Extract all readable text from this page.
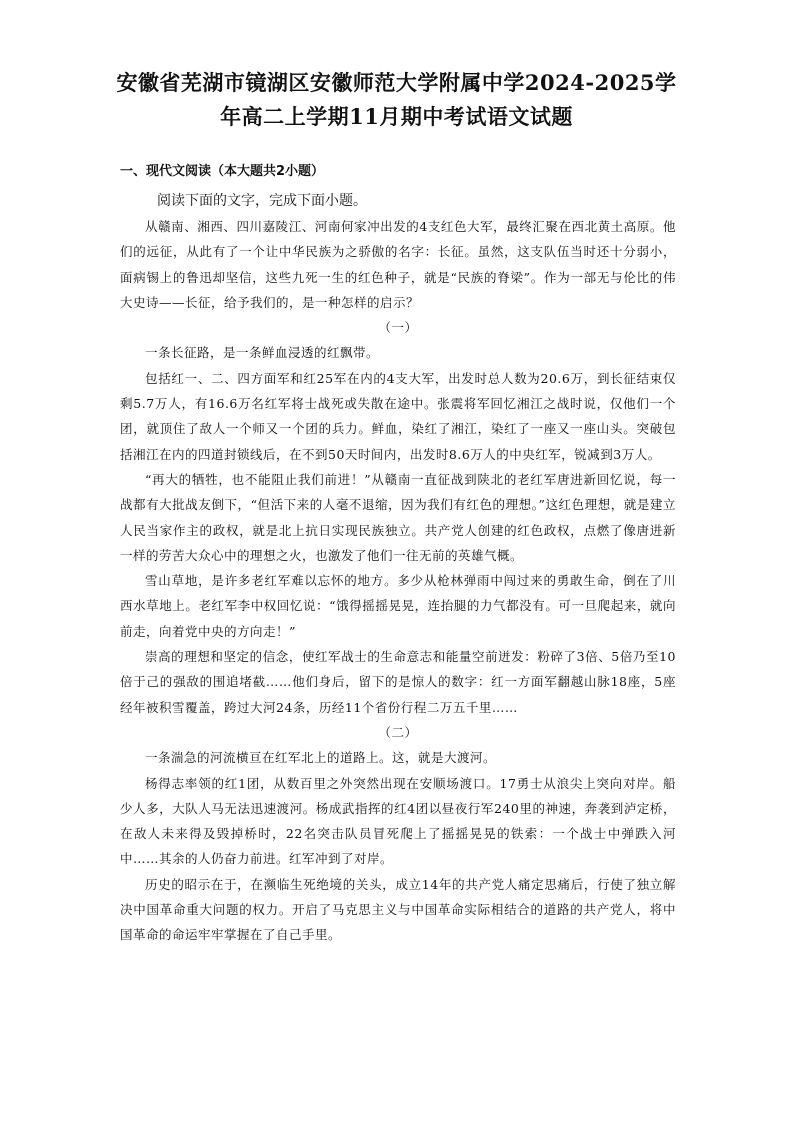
安徽省芜湖市镜湖区安徽师范大学附属中学2024-2025学
年高二上学期11月期中考试语文试题
一、现代文阅读（本大题共2小题）
阅读下面的文字，完成下面小题。

从赣南、湘西、四川嘉陵江、河南何家冲出发的4支红色大军，最终汇聚在西北黄土高原。他们的远征，从此有了一个让中华民族为之骄傲的名字：长征。虽然，这支队伍当时还十分弱小，面病锡上的鲁迅却坚信，这些九死一生的红色种子，就是“民族的脊梁”。作为一部无与伦比的伟大史诗——长征，给予我们的，是一种怎样的启示？

（一）

一条长征路，是一条鲜血浸透的红飘带。

包括红一、二、四方面军和红25军在内的4支大军，出发时总人数为20.6万，到长征结束仅剩5.7万人，有16.6万名红军将士战死或失散在途中。张震将军回忆湘江之战时说，仅他们一个团，就顶住了敌人一个师又一个团的兵力。鲜血，染红了湘江，染红了一座又一座山头。突破包括湘江在内的四道封锁线后，在不到50天时间内，出发时8.6万人的中央红军，锐减到3万人。

“再大的牺牲，也不能阻止我们前进！”从赣南一直征战到陕北的老红军唐进新回忆说，每一战都有大批战友倒下，“但活下来的人毫不退缩，因为我们有红色的理想。”这红色理想，就是建立人民当家作主的政权，就是北上抗日实现民族独立。共产党人创建的红色政权，点燃了像唐进新一样的劳苦大众心中的理想之火，也激发了他们一往无前的英雄气概。

雪山草地，是许多老红军难以忘怀的地方。多少从枪林弹雨中闯过来的勇敢生命，倒在了川西水草地上。老红军李中权回忆说：“饿得摇摇晃晃，连抬腿的力气都没有。可一旦爬起来，就向前走，向着党中央的方向走！”

崇高的理想和坚定的信念，使红军战士的生命意志和能量空前迸发：粉碎了3倍、5倍乃至10倍于己的强敌的围追堵截……他们身后，留下的是惊人的数字：红一方面军翻越山脉18座，5座经年被积雪覆盖，跨过大河24条，历经11个省份行程二万五千里……

（二）

一条湍急的河流横亘在红军北上的道路上。这，就是大渡河。

杨得志率领的红1团，从数百里之外突然出现在安顺场渡口。17勇士从浪尖上突向对岸。船少人多，大队人马无法迅速渡河。杨成武指挥的红4团以昼夜行军240里的神速，奔袭到泸定桥，在敌人未来得及毁掉桥时，22名突击队员冒死爬上了摇摇晃晃的铁索：一个战士中弹跌入河中……其余的人仍奋力前进。红军冲到了对岸。

历史的昭示在于，在濒临生死绝境的关头，成立14年的共产党人痛定思痛后，行使了独立解决中国革命重大问题的权力。开启了马克思主义与中国革命实际相结合的道路的共产党人，将中国革命的命运牢牢掌握在了自己手里。
